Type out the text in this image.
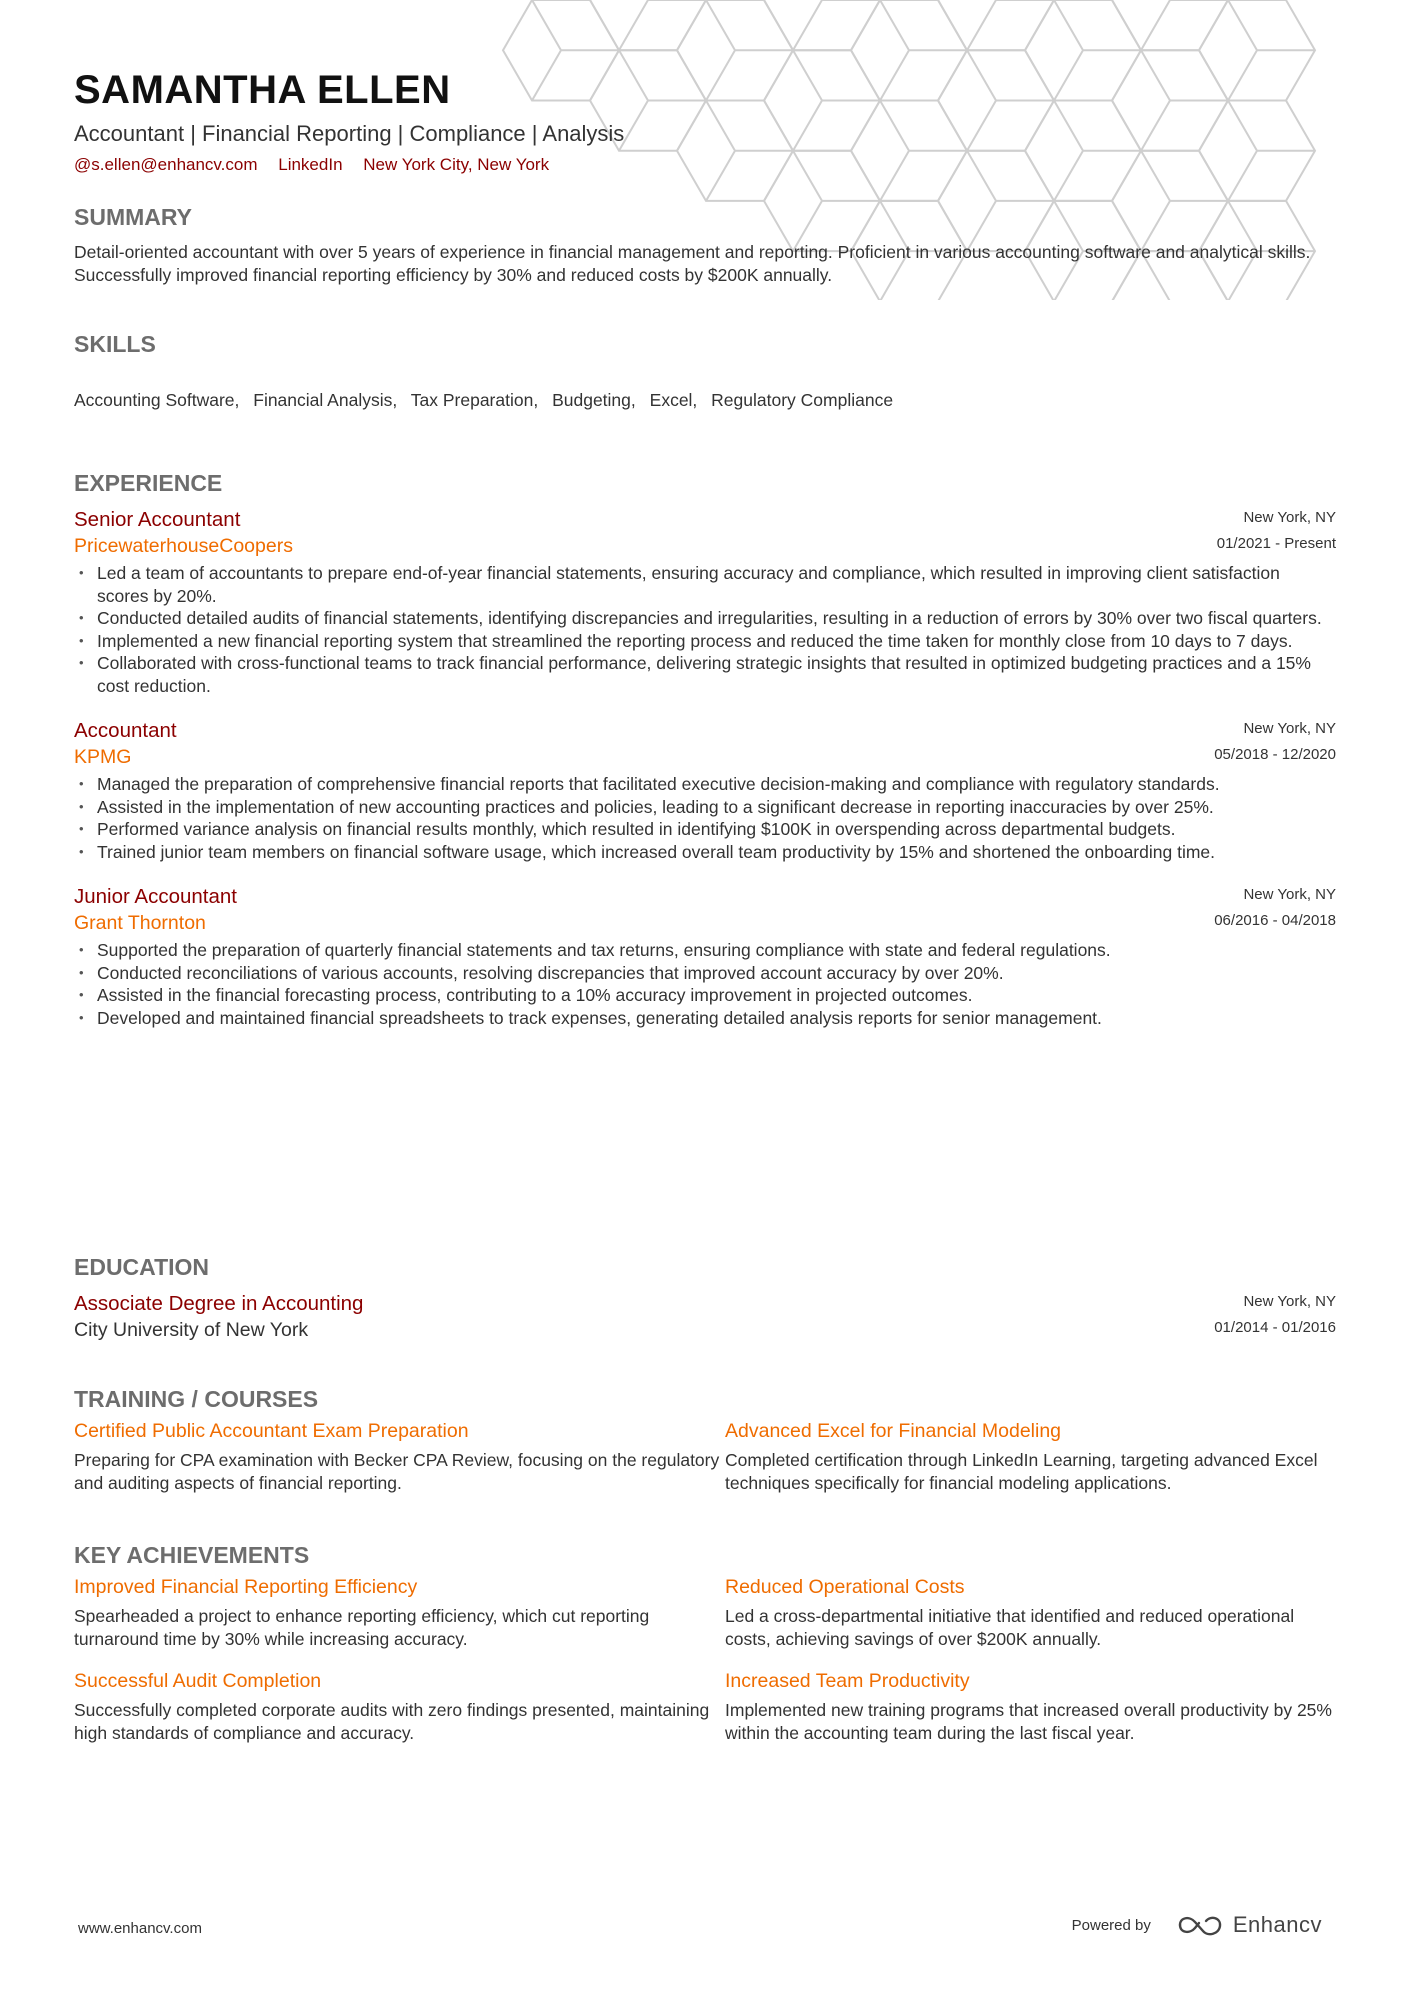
SAMANTHA ELLEN
Accountant | Financial Reporting | Compliance | Analysis
@s.ellen@enhancv.com LinkedIn New York City, New York
SUMMARY
Detail-oriented accountant with over 5 years of experience in financial management and reporting. Proficient in various accounting software and analytical skills. Successfully improved financial reporting efficiency by 30% and reduced costs by $200K annually.
SKILLS
Accounting Software, Financial Analysis, Tax Preparation, Budgeting, Excel, Regulatory Compliance
EXPERIENCE
Senior Accountant
PricewaterhouseCoopers
New York, NY
01/2021 - Present
• Led a team of accountants to prepare end-of-year financial statements, ensuring accuracy and compliance, which resulted in improving client satisfaction scores by 20%.
• Conducted detailed audits of financial statements, identifying discrepancies and irregularities, resulting in a reduction of errors by 30% over two fiscal quarters.
• Implemented a new financial reporting system that streamlined the reporting process and reduced the time taken for monthly close from 10 days to 7 days.
• Collaborated with cross-functional teams to track financial performance, delivering strategic insights that resulted in optimized budgeting practices and a 15% cost reduction.
Accountant
KPMG
New York, NY
05/2018 - 12/2020
• Managed the preparation of comprehensive financial reports that facilitated executive decision-making and compliance with regulatory standards.
• Assisted in the implementation of new accounting practices and policies, leading to a significant decrease in reporting inaccuracies by over 25%.
• Performed variance analysis on financial results monthly, which resulted in identifying $100K in overspending across departmental budgets.
• Trained junior team members on financial software usage, which increased overall team productivity by 15% and shortened the onboarding time.
Junior Accountant
Grant Thornton
New York, NY
06/2016 - 04/2018
• Supported the preparation of quarterly financial statements and tax returns, ensuring compliance with state and federal regulations.
• Conducted reconciliations of various accounts, resolving discrepancies that improved account accuracy by over 20%.
• Assisted in the financial forecasting process, contributing to a 10% accuracy improvement in projected outcomes.
• Developed and maintained financial spreadsheets to track expenses, generating detailed analysis reports for senior management.
EDUCATION
Associate Degree in Accounting
City University of New York
New York, NY
01/2014 - 01/2016
TRAINING / COURSES
Certified Public Accountant Exam Preparation
Preparing for CPA examination with Becker CPA Review, focusing on the regulatory and auditing aspects of financial reporting.
Advanced Excel for Financial Modeling
Completed certification through LinkedIn Learning, targeting advanced Excel techniques specifically for financial modeling applications.
KEY ACHIEVEMENTS
Improved Financial Reporting Efficiency
Spearheaded a project to enhance reporting efficiency, which cut reporting turnaround time by 30% while increasing accuracy.
Reduced Operational Costs
Led a cross-departmental initiative that identified and reduced operational costs, achieving savings of over $200K annually.
Successful Audit Completion
Successfully completed corporate audits with zero findings presented, maintaining high standards of compliance and accuracy.
Increased Team Productivity
Implemented new training programs that increased overall productivity by 25% within the accounting team during the last fiscal year.
www.enhancv.com	Powered by	Enhancv
